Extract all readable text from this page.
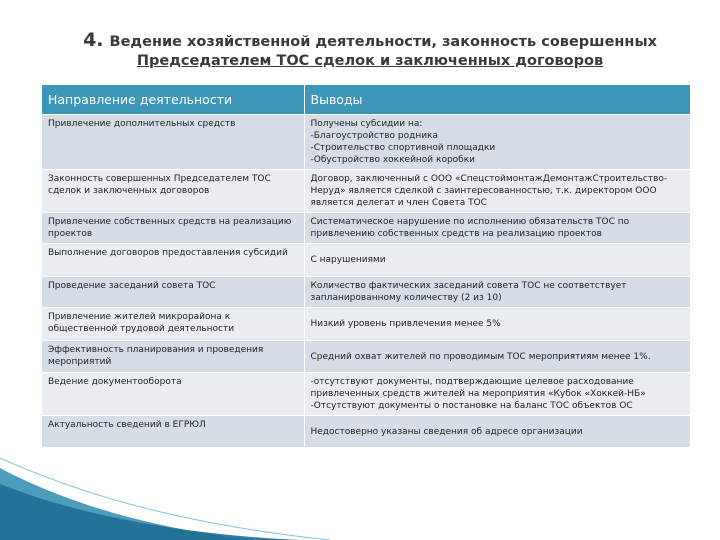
4. Ведение хозяйственной деятельности, законность совершенных
Председателем ТОС сделок и заключенных договоров
Направление деятельности	Выводы
Привлечение дополнительных средств	Получены субсидии на:
-Благоустройство родника
-Строительство спортивной площадки
-Обустройство хоккейной коробки
Законность совершенных Председателем ТОС сделок и заключенных договоров	Договор, заключенный с ООО «СпецстоймонтажДемонтажСтроительство-Неруд» является сделкой с заинтересованностью, т.к. директором ООО является делегат и член Совета ТОС
Привлечение собственных средств на реализацию проектов	Систематическое нарушение по исполнению обязательств ТОС по привлечению собственных средств на реализацию проектов
Выполнение договоров предоставления субсидий	С нарушениями
Проведение заседаний совета ТОС	Количество фактических заседаний совета ТОС не соответствует запланированному количеству (2 из 10)
Привлечение жителей микрорайона к общественной трудовой деятельности	Низкий уровень привлечения менее 5%
Эффективность планирования и проведения мероприятий	Средний охват жителей по проводимым ТОС мероприятиям менее 1%.
Ведение документооборота	-отсутствуют документы, подтверждающие целевое расходование привлеченных средств жителей на мероприятия «Кубок «Хоккей-НБ»
-Отсутствуют документы о постановке на баланс ТОС объектов ОС
Актуальность сведений в ЕГРЮЛ	Недостоверно указаны сведения об адресе организации
